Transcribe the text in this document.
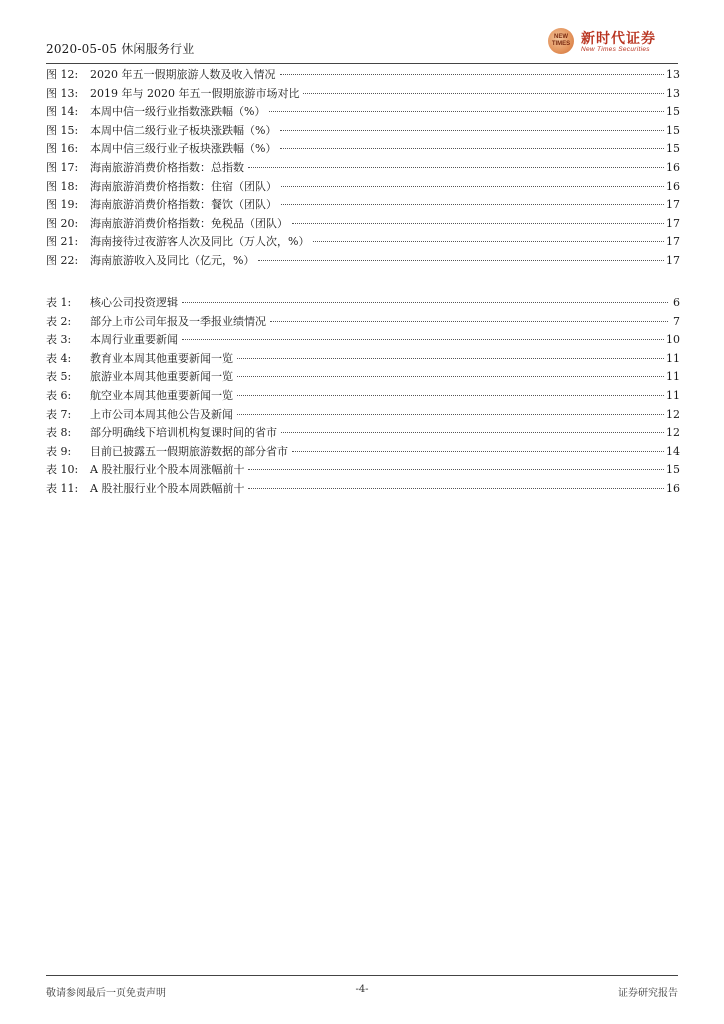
2020-05-05 休闲服务行业
NEW TIMES 新时代证券
New Times Securities
图 12:	2020 年五一假期旅游人数及收入情况	13
图 13:	2019 年与 2020 年五一假期旅游市场对比	13
图 14:	本周中信一级行业指数涨跌幅（%）	15
图 15:	本周中信二级行业子板块涨跌幅（%）	15
图 16:	本周中信三级行业子板块涨跌幅（%）	15
图 17:	海南旅游消费价格指数：总指数	16
图 18:	海南旅游消费价格指数：住宿（团队）	16
图 19:	海南旅游消费价格指数：餐饮（团队）	17
图 20:	海南旅游消费价格指数：免税品（团队）	17
图 21:	海南接待过夜游客人次及同比（万人次，%）	17
图 22:	海南旅游收入及同比（亿元，%）	17
表 1:	核心公司投资逻辑	6
表 2:	部分上市公司年报及一季报业绩情况	7
表 3:	本周行业重要新闻	10
表 4:	教育业本周其他重要新闻一览	11
表 5:	旅游业本周其他重要新闻一览	11
表 6:	航空业本周其他重要新闻一览	11
表 7:	上市公司本周其他公告及新闻	12
表 8:	部分明确线下培训机构复课时间的省市	12
表 9:	目前已披露五一假期旅游数据的部分省市	14
表 10:	A 股社服行业个股本周涨幅前十	15
表 11:	A 股社服行业个股本周跌幅前十	16
敬请参阅最后一页免责声明	-4-	证券研究报告
